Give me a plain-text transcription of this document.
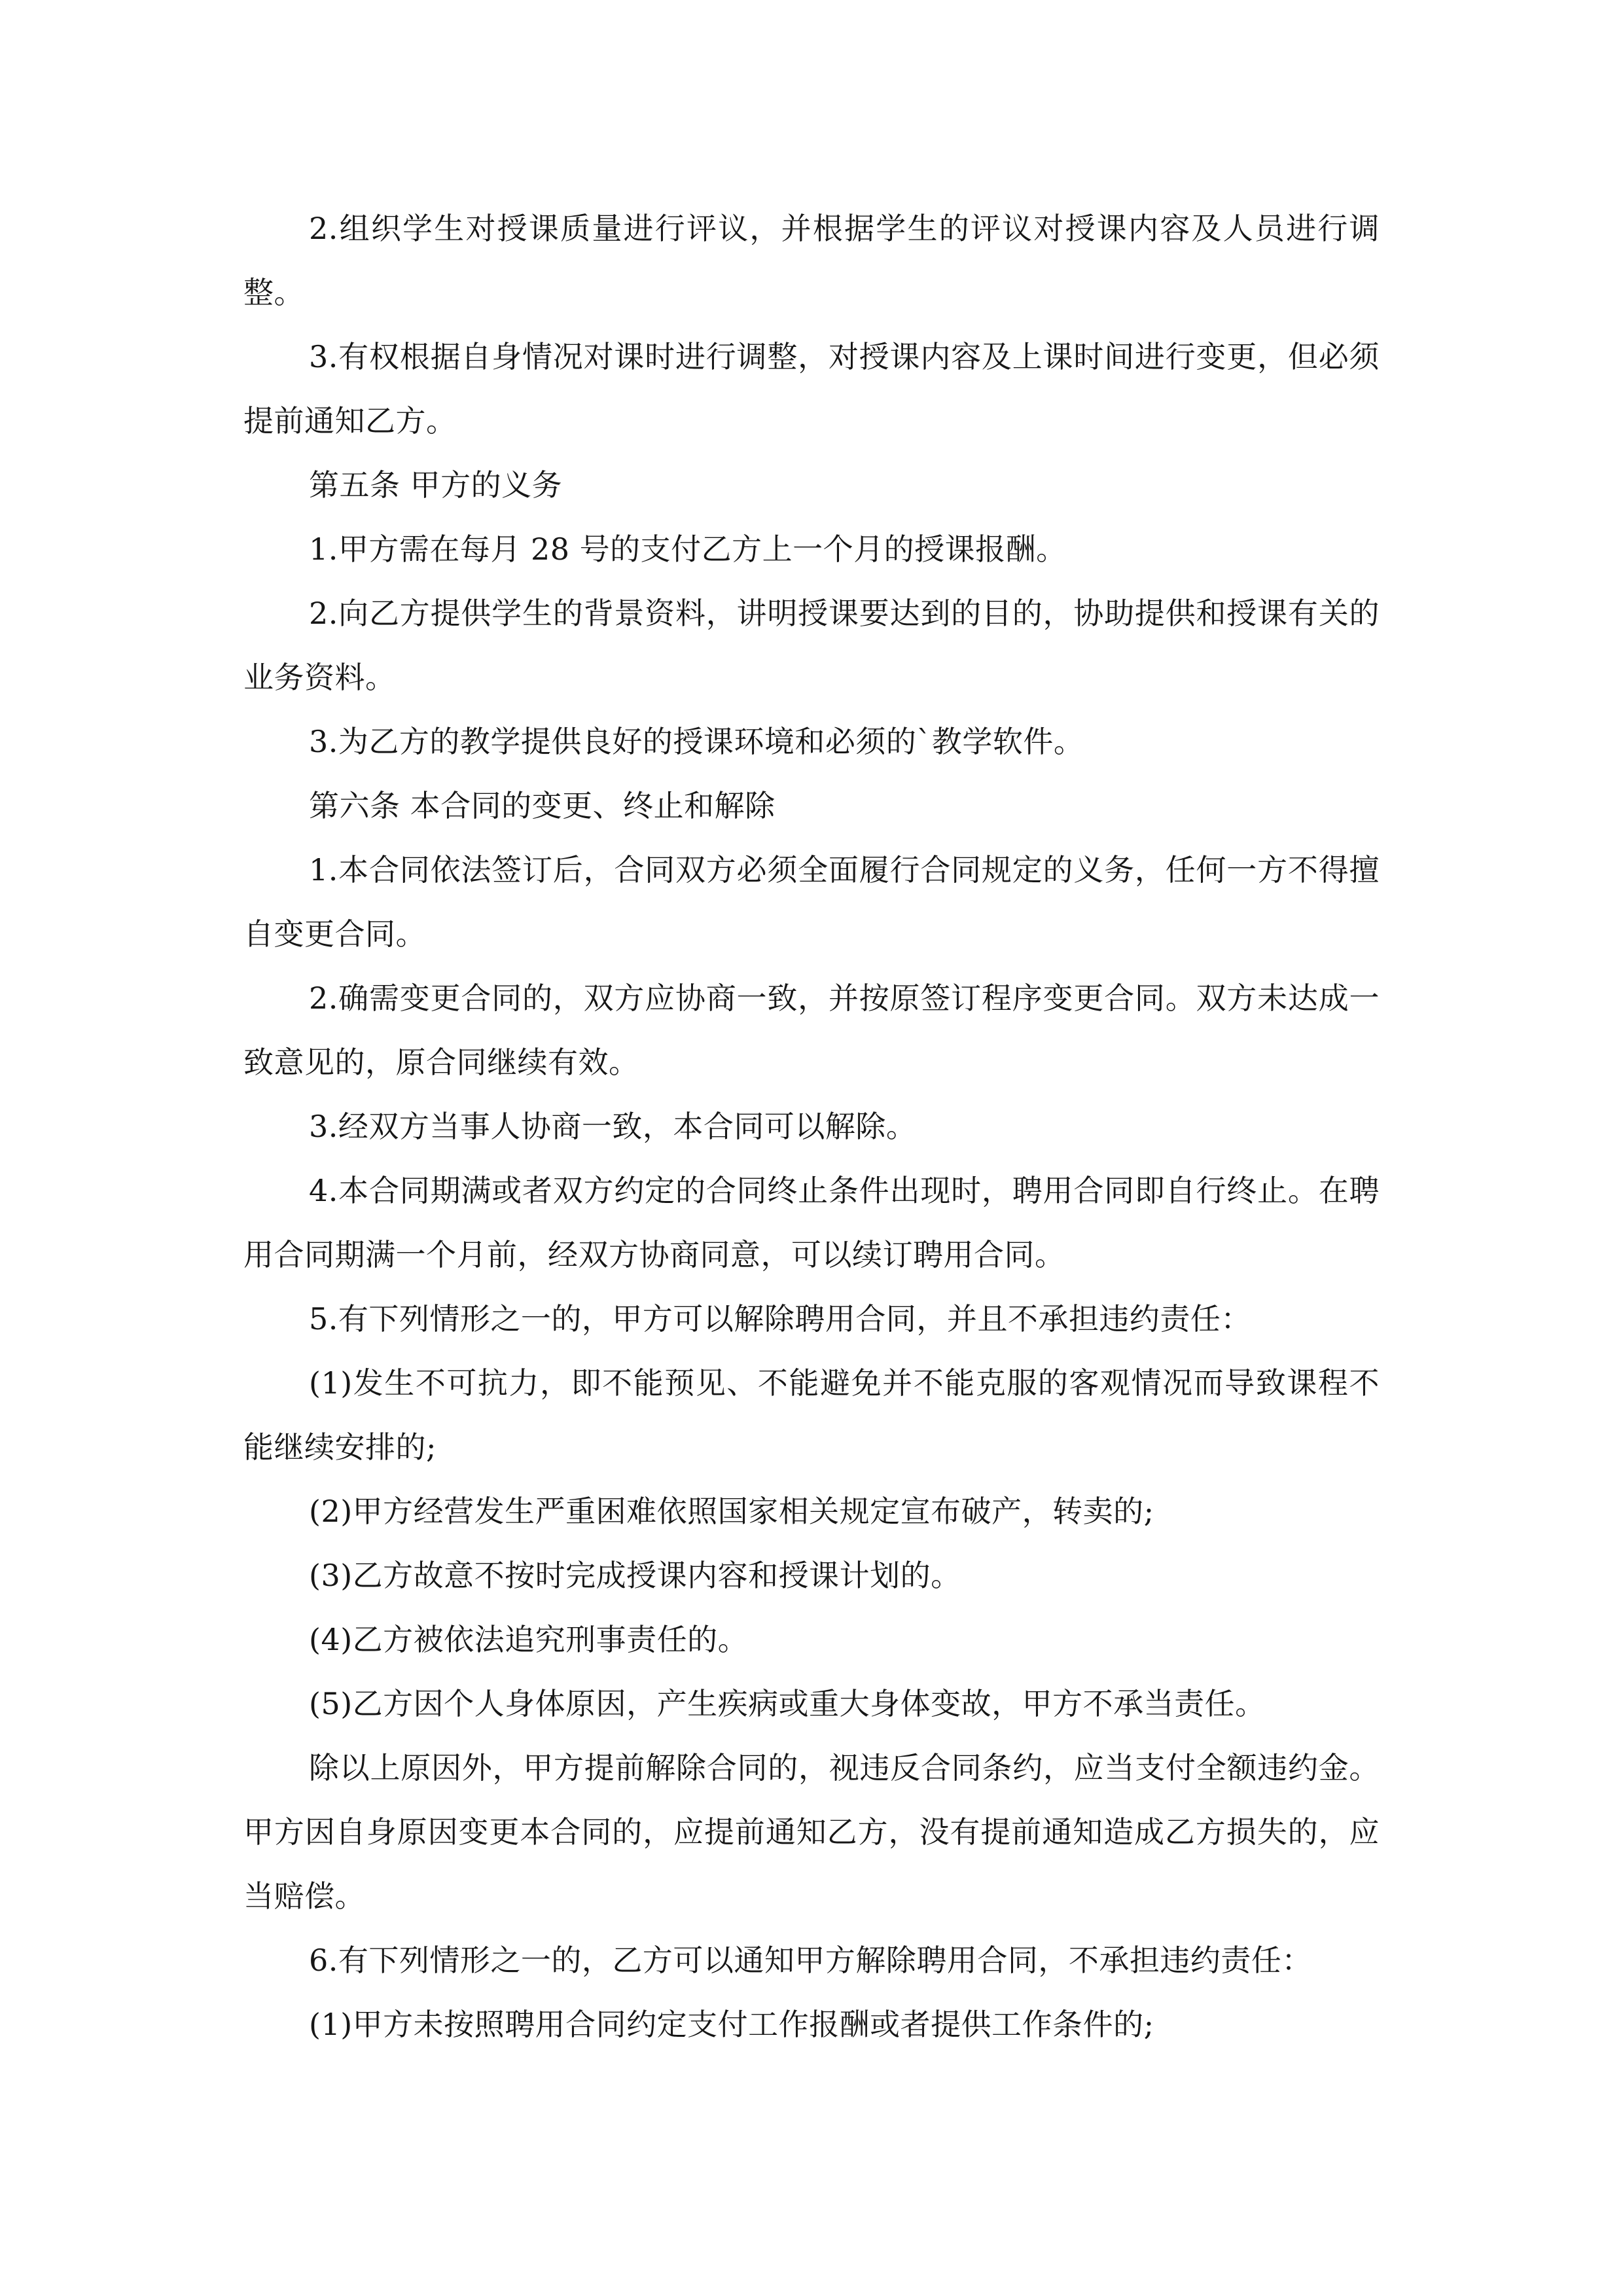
2.组织学生对授课质量进行评议，并根据学生的评议对授课内容及人员进行调整。

3.有权根据自身情况对课时进行调整，对授课内容及上课时间进行变更，但必须提前通知乙方。

第五条 甲方的义务

1.甲方需在每月 28 号的支付乙方上一个月的授课报酬。

2.向乙方提供学生的背景资料，讲明授课要达到的目的，协助提供和授课有关的业务资料。

3.为乙方的教学提供良好的授课环境和必须的`教学软件。

第六条 本合同的变更、终止和解除

1.本合同依法签订后，合同双方必须全面履行合同规定的义务，任何一方不得擅自变更合同。

2.确需变更合同的，双方应协商一致，并按原签订程序变更合同。双方未达成一致意见的，原合同继续有效。

3.经双方当事人协商一致，本合同可以解除。

4.本合同期满或者双方约定的合同终止条件出现时，聘用合同即自行终止。在聘用合同期满一个月前，经双方协商同意，可以续订聘用合同。

5.有下列情形之一的，甲方可以解除聘用合同，并且不承担违约责任：

(1)发生不可抗力，即不能预见、不能避免并不能克服的客观情况而导致课程不能继续安排的;

(2)甲方经营发生严重困难依照国家相关规定宣布破产，转卖的;

(3)乙方故意不按时完成授课内容和授课计划的。

(4)乙方被依法追究刑事责任的。

(5)乙方因个人身体原因，产生疾病或重大身体变故，甲方不承当责任。

除以上原因外，甲方提前解除合同的，视违反合同条约，应当支付全额违约金。甲方因自身原因变更本合同的，应提前通知乙方，没有提前通知造成乙方损失的，应当赔偿。

6.有下列情形之一的，乙方可以通知甲方解除聘用合同，不承担违约责任：

(1)甲方未按照聘用合同约定支付工作报酬或者提供工作条件的;
